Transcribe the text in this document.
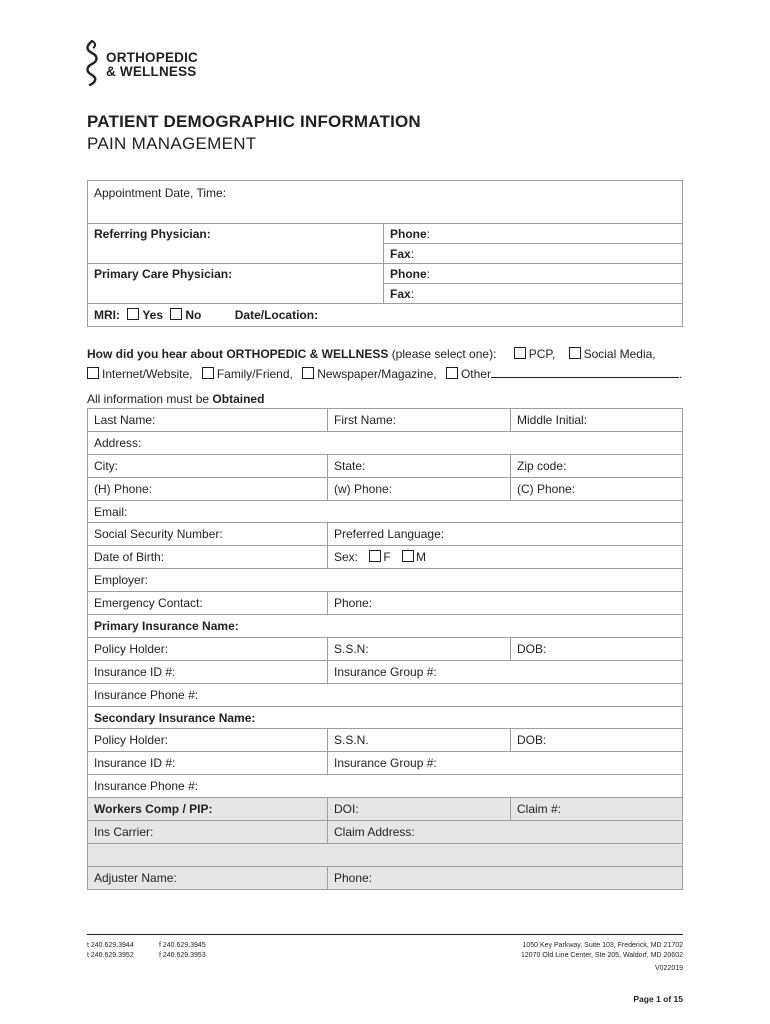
ORTHOPEDIC
& WELLNESS
PATIENT DEMOGRAPHIC INFORMATION
PAIN MANAGEMENT
Appointment Date, Time:	
Referring Physician:	Phone:
	Fax:
Primary Care Physician:	Phone:
	Fax:
MRI: Yes No Date/Location:	
How did you hear about ORTHOPEDIC & WELLNESS (please select one):	PCP, Social Media,
Internet/Website, Family/Friend, Newspaper/Magazine, Other	.
All information must be Obtained
Last Name:	First Name:	Middle Initial:
Address:		
City:	State:	Zip code:
(H) Phone:	(w) Phone:	(C) Phone:
Email:		
Social Security Number:	Preferred Language:	
Date of Birth:	Sex: F M	
Employer:		
Emergency Contact:	Phone:	
Primary Insurance Name:		
Policy Holder:	S.S.N:	DOB:
Insurance ID #:	Insurance Group #:	
Insurance Phone #:		
Secondary Insurance Name:		
Policy Holder:	S.S.N.	DOB:
Insurance ID #:	Insurance Group #:	
Insurance Phone #:		
Workers Comp / PIP:	DOI:	Claim #:
Ins Carrier:	Claim Address:	

Adjuster Name:	Phone:	
t 240.629.3944
t 240.629.3952
f 240.629.3945
f 240.629.3953
1050 Key Parkway, Suite 103, Frederick, MD 21702
12070 Old Line Center, Ste 205, Waldorf, MD 20602
V022019
Page 1 of 15
